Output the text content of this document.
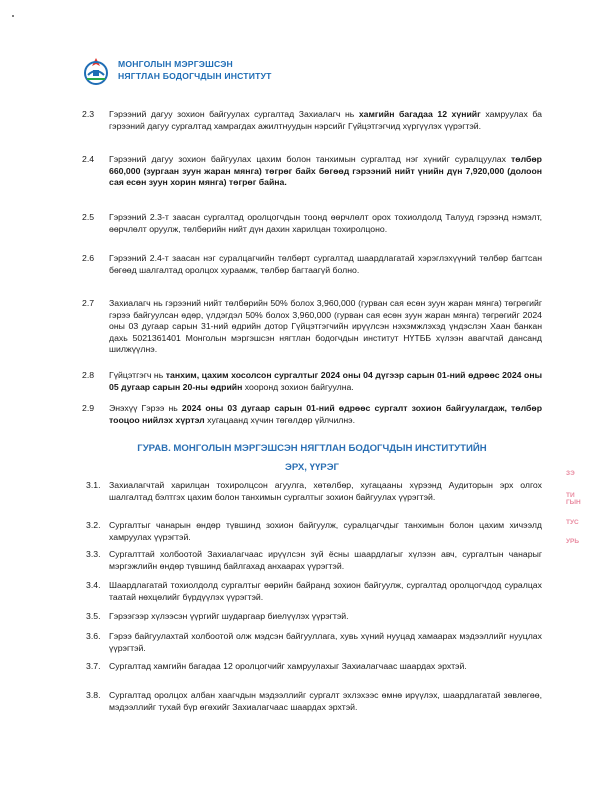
МОНГОЛЫН МЭРГЭШСЭН
НЯГТЛАН БОДОГЧДЫН ИНСТИТУТ
2.3	Гэрээний дагуу зохион байгуулах сургалтад Захиалагч нь хамгийн багадаа 12 хүнийг хамруулах ба гэрээний дагуу сургалтад хамрагдах ажилтнуудын нэрсийг Гүйцэтгэгчид хүргүүлэх үүрэгтэй.
2.4	Гэрээний дагуу зохион байгуулах цахим болон танхимын сургалтад нэг хүнийг суралцуулах төлбөр 660,000 (зургаан зуун жаран мянга) төгрөг байх бөгөөд гэрээний нийт үнийн дүн 7,920,000 (долоон сая есөн зуун хорин мянга) төгрөг байна.
2.5	Гэрээний 2.3-т заасан сургалтад оролцогчдын тоонд өөрчлөлт орох тохиолдолд Талууд гэрээнд нэмэлт, өөрчлөлт оруулж, төлбөрийн нийт дүн дахин харилцан тохиролцоно.
2.6	Гэрээний 2.4-т заасан нэг суралцагчийн төлбөрт сургалтад шаардлагатай хэрэглэхүүний төлбөр багтсан бөгөөд шалгалтад оролцох хураамж, төлбөр багтаагүй болно.
2.7	Захиалагч нь гэрээний нийт төлбөрийн 50% болох 3,960,000 (гурван сая есөн зуун жаран мянга) төгрөгийг гэрээ байгуулсан өдөр, үлдэгдэл 50% болох 3,960,000 (гурван сая есөн зуун жаран мянга) төгрөгийг 2024 оны 03 дугаар сарын 31-ний өдрийн дотор Гүйцэтгэгчийн ирүүлсэн нэхэмжлэхэд үндэслэн Хаан банкан дахь 5021361401 Монголын мэргэшсэн нягтлан бодогчдын институт НҮТББ хүлээн авагчтай дансанд шилжүүлнэ.
2.8	Гүйцэтгэгч нь танхим, цахим хосолсон сургалтыг 2024 оны 04 дүгээр сарын 01-ний өдрөөс 2024 оны 05 дугаар сарын 20-ны өдрийн хооронд зохион байгуулна.
2.9	Энэхүү Гэрээ нь 2024 оны 03 дугаар сарын 01-ний өдрөөс сургалт зохион байгуулагдаж, төлбөр тооцоо нийлэх хүртэл хугацаанд хүчин төгөлдөр үйлчилнэ.
ГУРАВ. МОНГОЛЫН МЭРГЭШСЭН НЯГТЛАН БОДОГЧДЫН ИНСТИТУТИЙН
ЭРХ, ҮҮРЭГ
3.1. Захиалагчтай харилцан тохиролцсон агуулга, хөтөлбөр, хугацааны хүрээнд Аудиторын эрх олгох шалгалтад бэлтгэх цахим болон танхимын сургалтыг зохион байгуулах үүрэгтэй.
3.2. Сургалтыг чанарын өндөр түвшинд зохион байгуулж, суралцагчдыг танхимын болон цахим хичээлд хамруулах үүрэгтэй.
3.3. Сургалттай холбоотой Захиалагчаас ирүүлсэн зүй ёсны шаардлагыг хүлээн авч, сургалтын чанарыг мэргэжлийн өндөр түвшинд байлгахад анхаарах үүрэгтэй.
3.4. Шаардлагатай тохиолдолд сургалтыг өөрийн байранд зохион байгуулж, сургалтад оролцогчдод суралцах таатай нөхцөлийг бүрдүүлэх үүрэгтэй.
3.5. Гэрээгээр хүлээсэн үүргийг шударгаар биелүүлэх үүрэгтэй.
3.6. Гэрээ байгуулахтай холбоотой олж мэдсэн байгууллага, хувь хүний нууцад хамаарах мэдээллийг нууцлах үүрэгтэй.
3.7. Сургалтад хамгийн багадаа 12 оролцогчийг хамруулахыг Захиалагчаас шаардах эрхтэй.
3.8. Сургалтад оролцох албан хаагчдын мэдээллийг сургалт эхлэхээс өмнө ирүүлэх, шаардлагатай зөвлөгөө, мэдээллийг тухай бүр өгөхийг Захиалагчаас шаардах эрхтэй.
ЗЭ
ТИ
ГЫН
ТУС
УРЬ
